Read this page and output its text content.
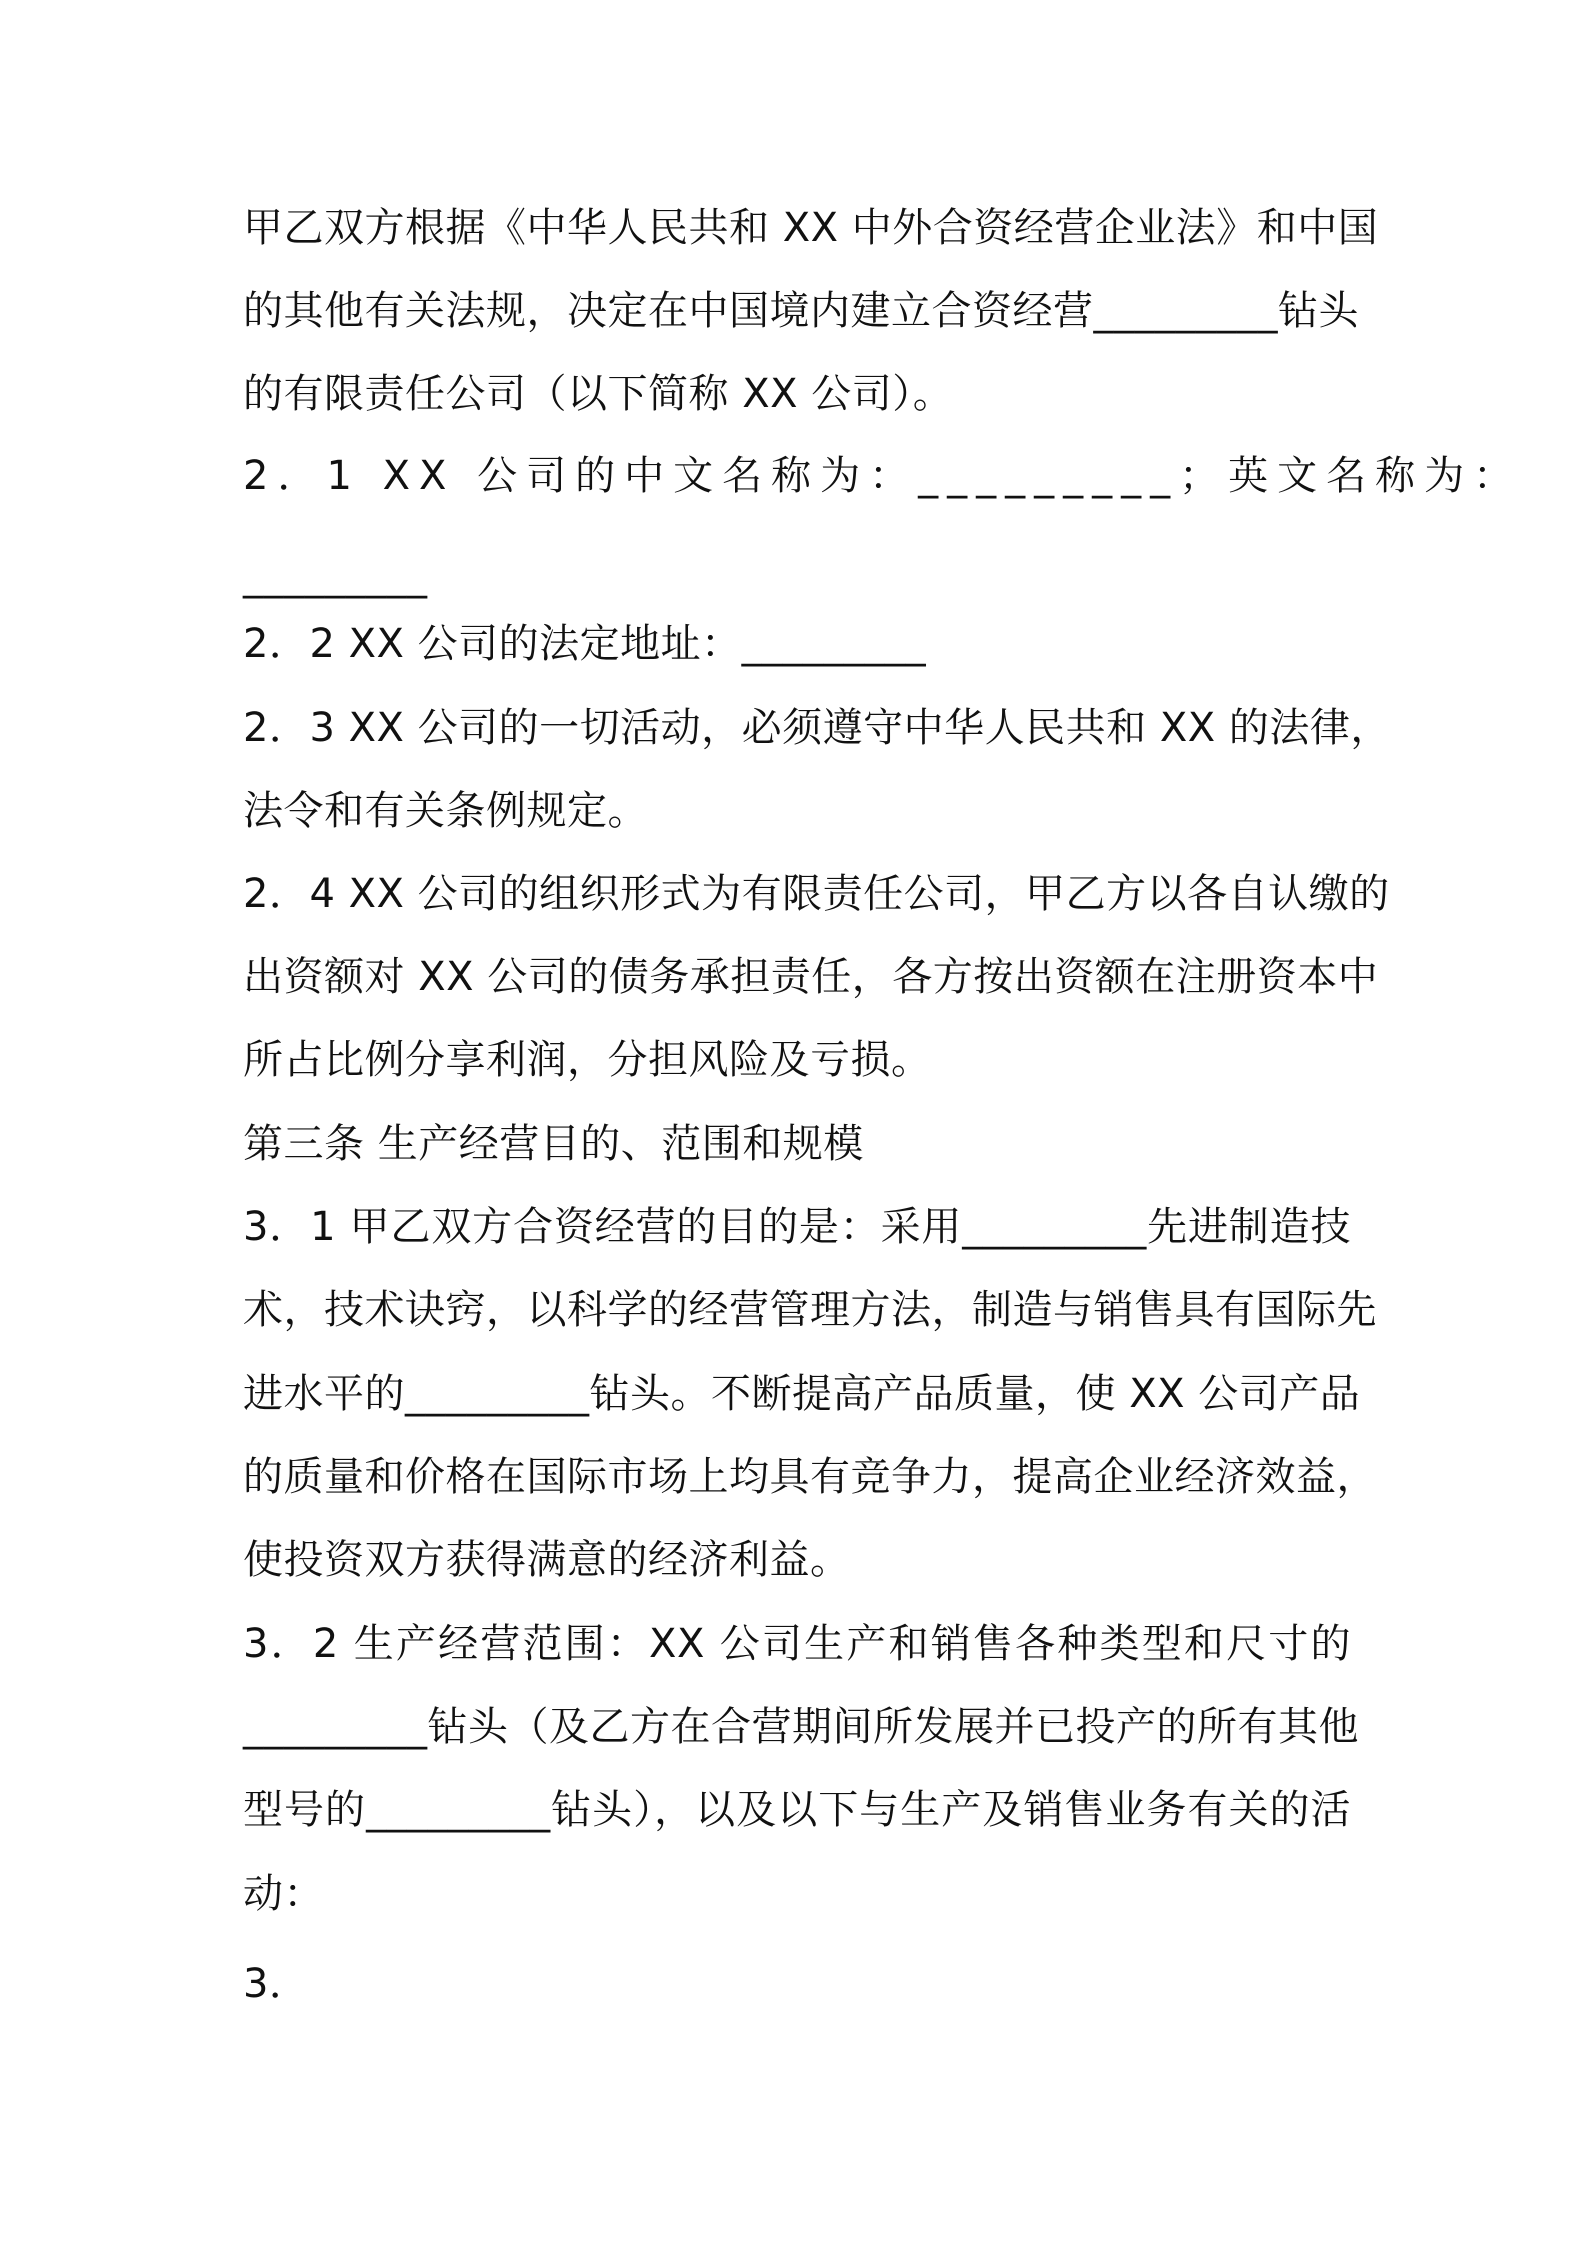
甲乙双方根据《中华人民共和 XX 中外合资经营企业法》和中国
的其他有关法规，决定在中国境内建立合资经营_________钻头
的有限责任公司（以下简称 XX 公司）。
2．1 XX 公司的中文名称为：_________；英文名称为：
_________
2．2 XX 公司的法定地址：_________
2．3 XX 公司的一切活动，必须遵守中华人民共和 XX 的法律，
法令和有关条例规定。
2．4 XX 公司的组织形式为有限责任公司，甲乙方以各自认缴的
出资额对 XX 公司的债务承担责任，各方按出资额在注册资本中
所占比例分享利润，分担风险及亏损。
第三条 生产经营目的、范围和规模
3．1 甲乙双方合资经营的目的是：采用_________先进制造技
术，技术诀窍，以科学的经营管理方法，制造与销售具有国际先
进水平的_________钻头。不断提高产品质量，使 XX 公司产品
的质量和价格在国际市场上均具有竞争力，提高企业经济效益，
使投资双方获得满意的经济利益。
3．2 生产经营范围：XX 公司生产和销售各种类型和尺寸的
_________钻头（及乙方在合营期间所发展并已投产的所有其他
型号的_________钻头），以及以下与生产及销售业务有关的活
动：
3．
